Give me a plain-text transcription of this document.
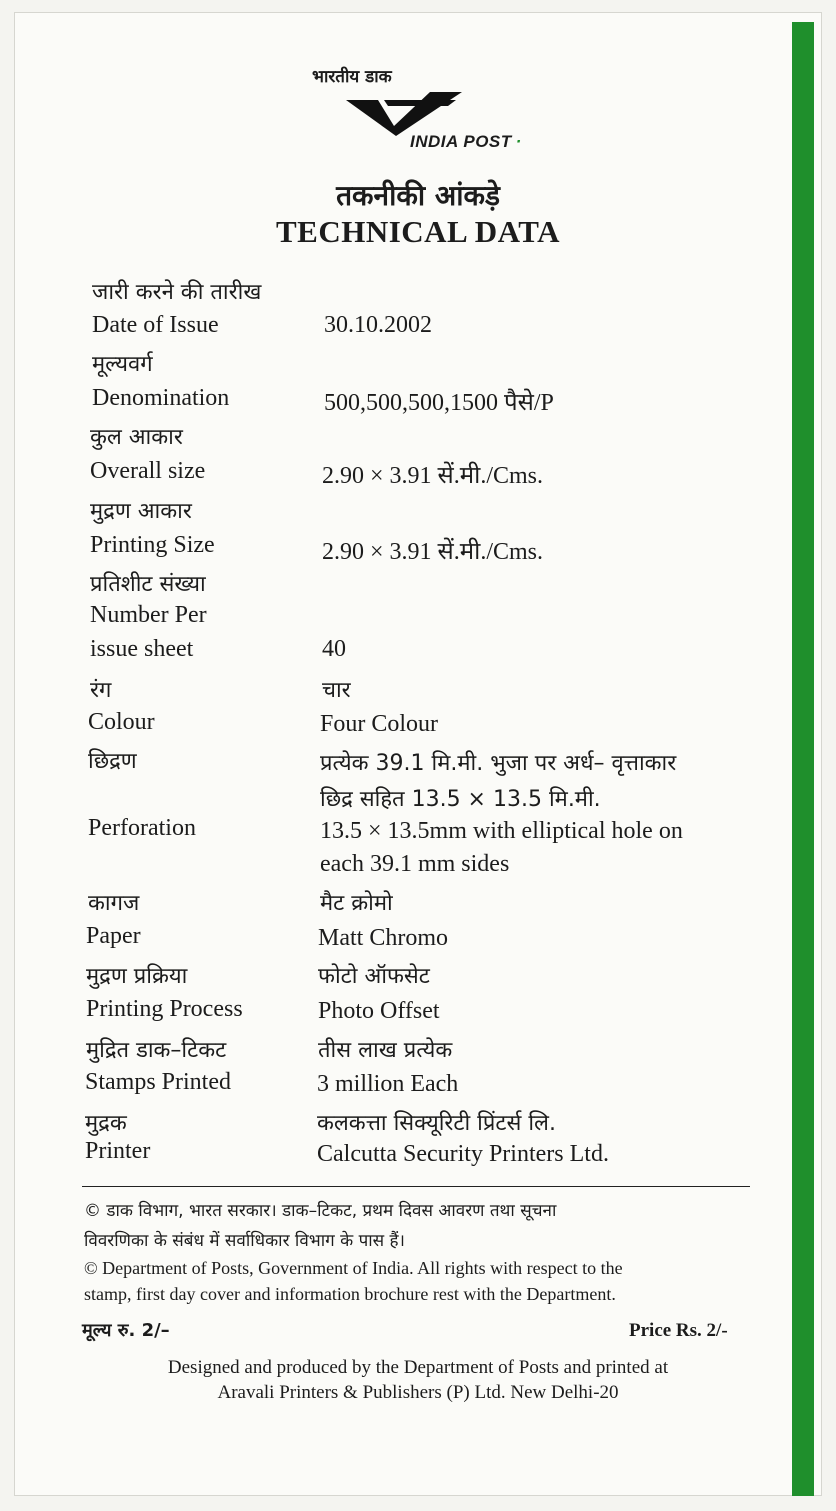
भारतीय डाक
INDIA POST ·
तकनीकी आंकड़े
TECHNICAL DATA
जारी करने की तारीख
Date of Issue	30.10.2002
मूल्यवर्ग
Denomination	500,500,500,1500 पैसे/P
कुल आकार
Overall size	2.90 × 3.91 सें.मी./Cms.
मुद्रण आकार
Printing Size	2.90 × 3.91 सें.मी./Cms.
प्रतिशीट संख्या
Number Per
issue sheet	40
रंग	चार
Colour	Four Colour
छिद्रण	प्रत्येक 39.1 मि.मी. भुजा पर अर्ध– वृत्ताकार
छिद्र सहित 13.5 × 13.5 मि.मी.
Perforation	13.5 × 13.5mm with elliptical hole on
each 39.1 mm sides
कागज	मैट क्रोमो
Paper	Matt Chromo
मुद्रण प्रक्रिया	फोटो ऑफसेट
Printing Process	Photo Offset
मुद्रित डाक–टिकट	तीस लाख प्रत्येक
Stamps Printed	3 million Each
मुद्रक	कलकत्ता सिक्यूरिटी प्रिंटर्स लि.
Printer	Calcutta Security Printers Ltd.
© डाक विभाग, भारत सरकार। डाक–टिकट, प्रथम दिवस आवरण तथा सूचना
विवरणिका के संबंध में सर्वाधिकार विभाग के पास हैं।
© Department of Posts, Government of India. All rights with respect to the
stamp, first day cover and information brochure rest with the Department.
मूल्य रु. 2/–	Price Rs. 2/-
Designed and produced by the Department of Posts and printed at
Aravali Printers & Publishers (P) Ltd. New Delhi-20
